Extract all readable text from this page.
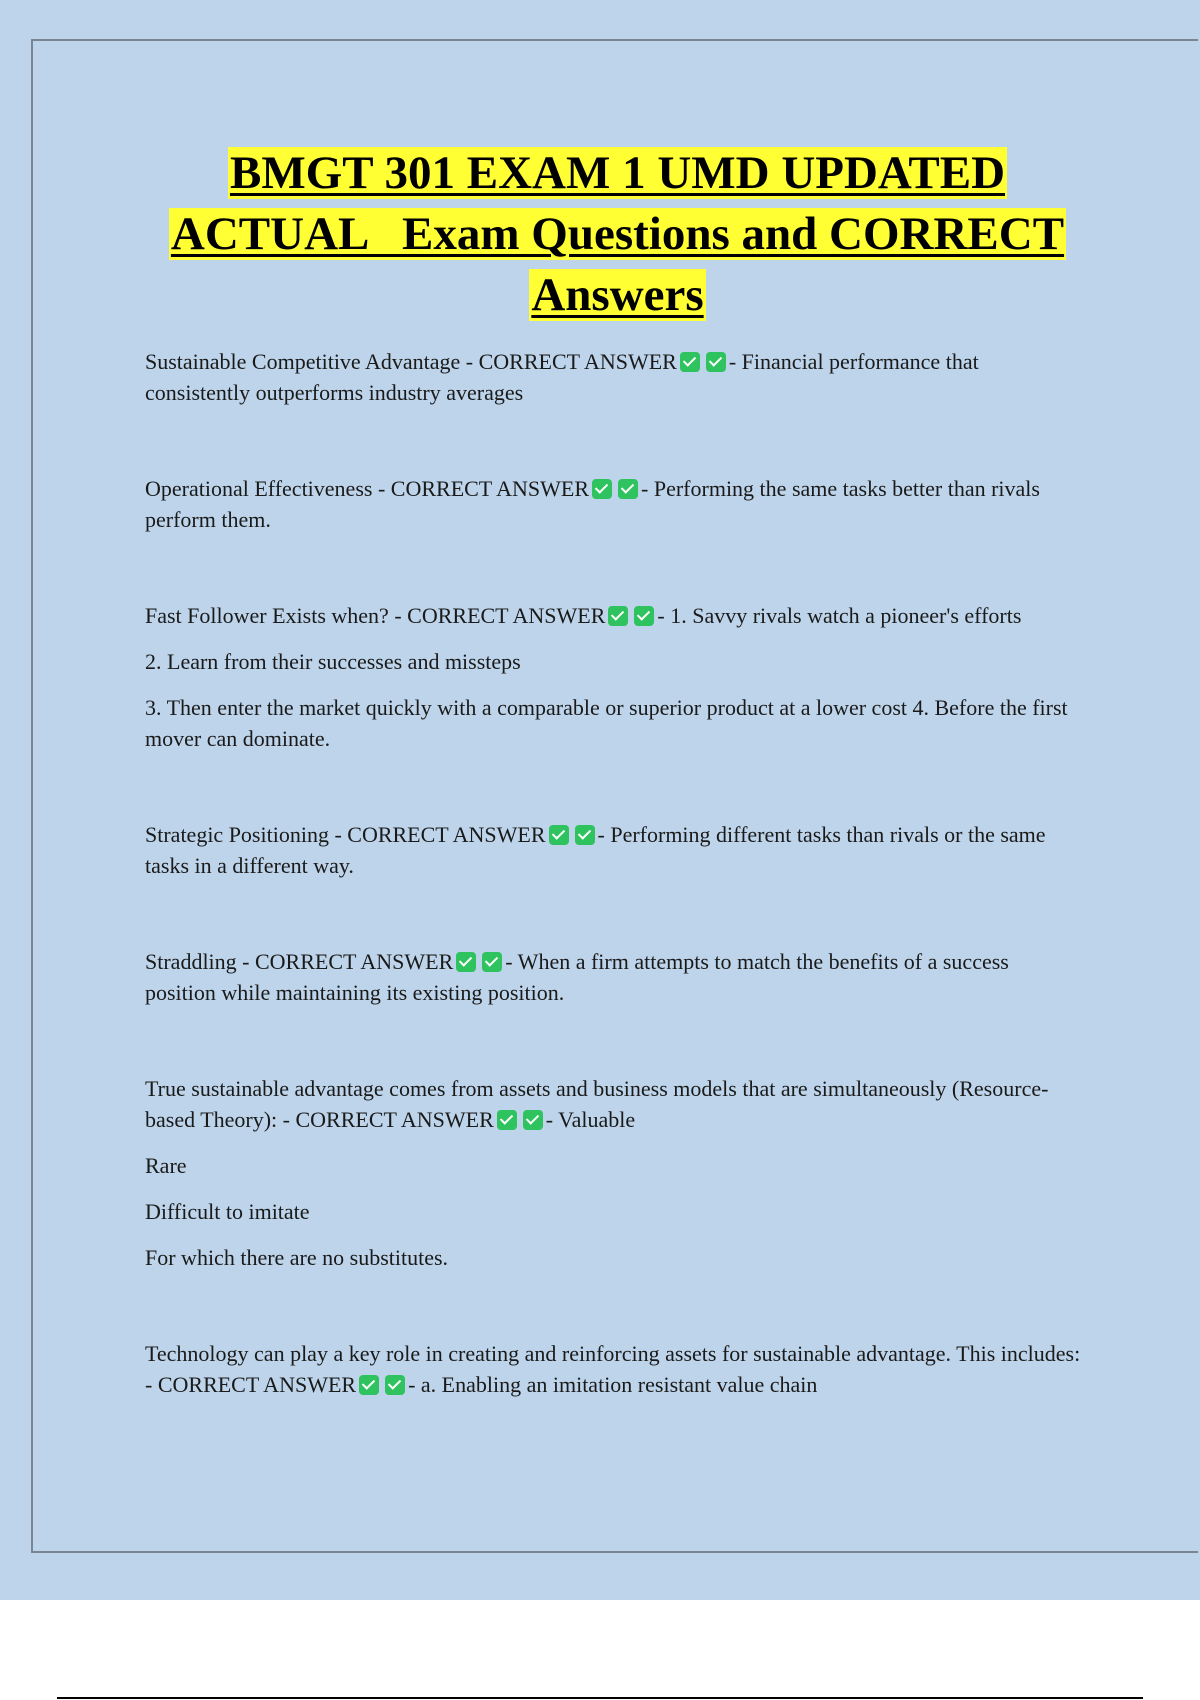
BMGT 301 EXAM 1 UMD UPDATED
ACTUAL   Exam Questions and CORRECT
Answers

Sustainable Competitive Advantage - CORRECT ANSWER - Financial performance that consistently outperforms industry averages

Operational Effectiveness - CORRECT ANSWER - Performing the same tasks better than rivals perform them.

Fast Follower Exists when? - CORRECT ANSWER - 1. Savvy rivals watch a pioneer's efforts

2. Learn from their successes and missteps

3. Then enter the market quickly with a comparable or superior product at a lower cost 4. Before the first mover can dominate.

Strategic Positioning - CORRECT ANSWER - Performing different tasks than rivals or the same tasks in a different way.

Straddling - CORRECT ANSWER - When a firm attempts to match the benefits of a success position while maintaining its existing position.

True sustainable advantage comes from assets and business models that are simultaneously (Resource-based Theory): - CORRECT ANSWER - Valuable

Rare

Difficult to imitate

For which there are no substitutes.

Technology can play a key role in creating and reinforcing assets for sustainable advantage. This includes: - CORRECT ANSWER - a. Enabling an imitation resistant value chain
